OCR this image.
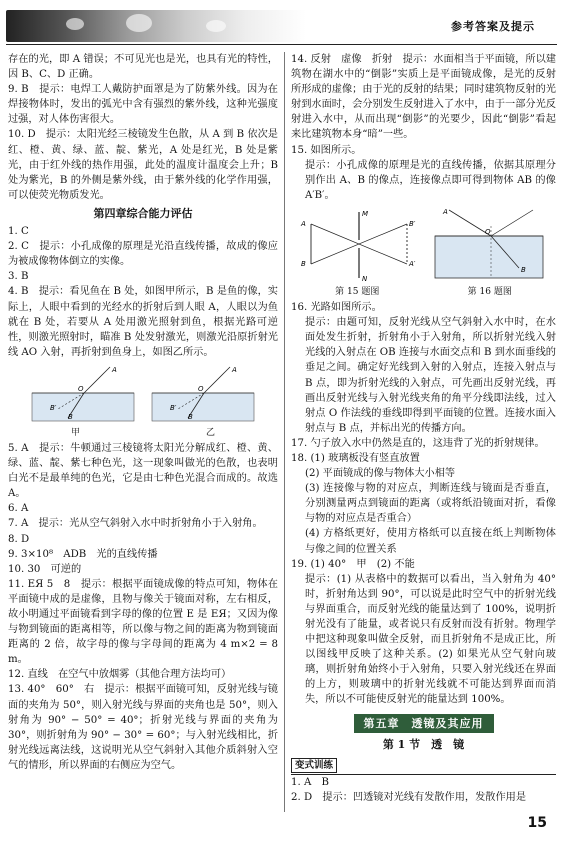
参考答案及提示

存在的光，即 A 错误；不可见光也是光，也具有光的特性，因 B、C、D 正确。

9. B　提示：电焊工人戴防护面罩是为了防紫外线。因为在焊接物体时，发出的弧光中含有强烈的紫外线，这种光强度过强，对人体伤害很大。

10. D　提示：太阳光经三棱镜发生色散，从 A 到 B 依次是红、橙、黄、绿、蓝、靛、紫光，A 处是红光，B 处是紫光，由于红外线的热作用强，此处的温度计温度会上升；B 处为紫光，B 的外侧是紫外线，由于紫外线的化学作用强，可以使荧光物质发光。

第四章综合能力评估

1. C

2. C　提示：小孔成像的原理是光沿直线传播，故成的像应为被成像物体倒立的实像。

3. B

4. B　提示：看见鱼在 B 处，如图甲所示，B 是鱼的像，实际上，人眼中看到的光经水的折射后到人眼 A，人眼以为鱼就在 B 处，若要从 A 处用激光照射到鱼，根据光路可逆性，则激光照射时，瞄准 B 处发射激光，则激光沿原折射光线 AO 入射，再折射到鱼身上，如图乙所示。

A
O
B′
B
A
O
B′
B
甲	乙

5. A　提示：牛顿通过三棱镜将太阳光分解成红、橙、黄、绿、蓝、靛、紫七种色光，这一现象叫做光的色散，也表明白光不是最单纯的色光，它是由七种色光混合而成的。故选 A。

6. A

7. A　提示：光从空气斜射入水中时折射角小于入射角。

8. D

9. 3×10⁸　ADB　光的直线传播

10. 30　可逆的

11. ЕЯ 5　8　提示：根据平面镜成像的特点可知，物体在平面镜中成的是虚像，且物与像关于镜面对称，左右相反，故小明通过平面镜看到字母的像的位置 E 是 ЕЯ；又因为像与物到镜面的距离相等，所以像与物之间的距离为物到镜面距离的 2 倍，故字母的像与字母间的距离为 4 m×2 = 8 m。

12. 直线　在空气中放烟雾（其他合理方法均可）

13. 40°　60°　右　提示：根据平面镜可知，反射光线与镜面的夹角为 50°，则入射光线与界面的夹角也是 50°，则入射角为 90° − 50° = 40°；折射光线与界面的夹角为 30°，则折射角为 90° − 30° = 60°；与入射光线相比，折射光线远离法线，这说明光从空气斜射入其他介质斜射入空气的情形，所以界面的右侧应为空气。

14. 反射　虚像　折射　提示：水面相当于平面镜，所以建筑物在湖水中的“倒影”实质上是平面镜成像，是光的反射所形成的虚像；由于光的反射的结果；同时建筑物反射的光射到水面时，会分别发生反射进入了水中，由于一部分光反射进入水中，从而出现“倒影”的光要少，因此“倒影”看起来比建筑物本身“暗”一些。

15. 如图所示。

提示：小孔成像的原理是光的直线传播，依据其原理分别作出 A、B 的像点，连接像点即可得到物体 AB 的像 A′B′。

A
B
M
N
B′
A′
A
B
O
第 15 题图	第 16 题图

16. 光路如图所示。

提示：由题可知，反射光线从空气斜射入水中时，在水面处发生折射，折射角小于入射角，所以折射光线入射光线的入射点在 OB 连接与水面交点和 B 到水面垂线的垂足之间。确定好光线到入射的入射点，连接入射点与 B 点，即为折射光线的入射点，可先画出反射光线，再画出反射光线与入射光线夹角的角平分线即法线，过入射点 O 作法线的垂线即得到平面镜的位置。连接水面入射点与 B 点，并标出光的传播方向。

17. 勺子放入水中仍然是直的，这违背了光的折射规律。

18. (1) 玻璃板没有竖直放置

(2) 平面镜成的像与物体大小相等

(3) 连接像与物的对应点，判断连线与镜面是否垂直，分别测量两点到镜面的距离（或将纸沿镜面对折，看像与物的对应点是否重合）

(4) 方格纸更好，使用方格纸可以直接在纸上判断物体与像之间的位置关系

19. (1) 40°　甲　(2) 不能

提示：(1) 从表格中的数据可以看出，当入射角为 40° 时，折射角达到 90°，可以说是此时空气中的折射光线与界面重合，而反射光线的能量达到了 100%，说明折射光没有了能量，或者说只有反射而没有折射。物理学中把这种现象叫做全反射，而且折射角不是成正比，所以图线甲反映了这种关系。(2) 如果光从空气射向玻璃，则折射角始终小于入射角，只要入射光线还在界面的上方，则玻璃中的折射光线就不可能达到界面而消失，所以不可能使反射光的能量达到 100%。

第五章　透镜及其应用

第 1 节　透　镜

变式训练

1. A　B

2. D　提示：凹透镜对光线有发散作用，发散作用是

15
